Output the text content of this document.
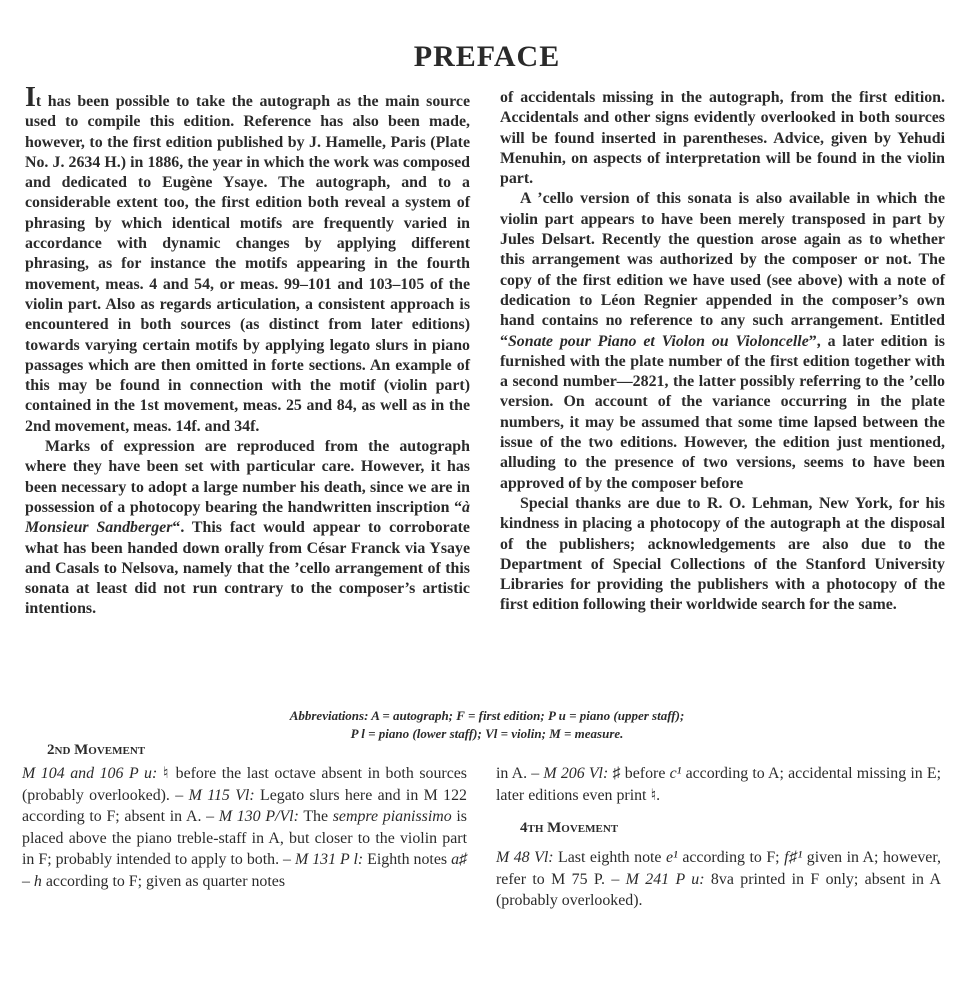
PREFACE

It has been possible to take the autograph as the main source used to compile this edition. Reference has also been made, however, to the first edition published by J. Hamelle, Paris (Plate No. J. 2634 H.) in 1886, the year in which the work was composed and dedicated to Eugène Ysaye. The autograph, and to a considerable extent too, the first edition both reveal a system of phrasing by which identical motifs are frequently varied in accordance with dynamic changes by applying different phrasing, as for instance the motifs appearing in the fourth movement, meas. 4 and 54, or meas. 99–101 and 103–105 of the violin part. Also as regards articulation, a consistent approach is encountered in both sources (as distinct from later editions) towards varying certain motifs by applying legato slurs in piano passages which are then omitted in forte sections. An example of this may be found in connection with the motif (violin part) contained in the 1st movement, meas. 25 and 84, as well as in the 2nd movement, meas. 14f. and 34f.

Marks of expression are reproduced from the autograph where they have been set with particular care. However, it has been necessary to adopt a large number his death, since we are in possession of a photocopy bearing the handwritten inscription “à Monsieur Sandberger“. This fact would appear to corroborate what has been handed down orally from César Franck via Ysaye and Casals to Nelsova, namely that the ’cello arrangement of this sonata at least did not run contrary to the composer’s artistic intentions.

of accidentals missing in the autograph, from the first edition. Accidentals and other signs evidently overlooked in both sources will be found inserted in parentheses. Advice, given by Yehudi Menuhin, on aspects of interpretation will be found in the violin part.

A ’cello version of this sonata is also available in which the violin part appears to have been merely transposed in part by Jules Delsart. Recently the question arose again as to whether this arrangement was authorized by the composer or not. The copy of the first edition we have used (see above) with a note of dedication to Léon Regnier appended in the composer’s own hand contains no reference to any such arrangement. Entitled “Sonate pour Piano et Violon ou Violoncelle”, a later edition is furnished with the plate number of the first edition together with a second number—2821, the latter possibly referring to the ’cello version. On account of the variance occurring in the plate numbers, it may be assumed that some time lapsed between the issue of the two editions. However, the edition just mentioned, alluding to the presence of two versions, seems to have been approved of by the composer before

Special thanks are due to R. O. Lehman, New York, for his kindness in placing a photocopy of the autograph at the disposal of the publishers; acknowledgements are also due to the Department of Special Collections of the Stanford University Libraries for providing the publishers with a photocopy of the first edition following their worldwide search for the same.

Abbreviations: A = autograph; F = first edition; P u = piano (upper staff);
P l = piano (lower staff); Vl = violin; M = measure.
2nd Movement

M 104 and 106 P u: ♮ before the last octave absent in both sources (probably overlooked). – M 115 Vl: Legato slurs here and in M 122 according to F; absent in A. – M 130 P/Vl: The sempre pianissimo is placed above the piano treble-staff in A, but closer to the violin part in F; probably intended to apply to both. – M 131 P l: Eighth notes a♯ – h according to F; given as quarter notes

in A. – M 206 Vl: ♯ before c¹ according to A; accidental missing in E; later editions even print ♮.

4th Movement

M 48 Vl: Last eighth note e¹ according to F; f♯¹ given in A; however, refer to M 75 P. – M 241 P u: 8va printed in F only; absent in A (probably overlooked).
